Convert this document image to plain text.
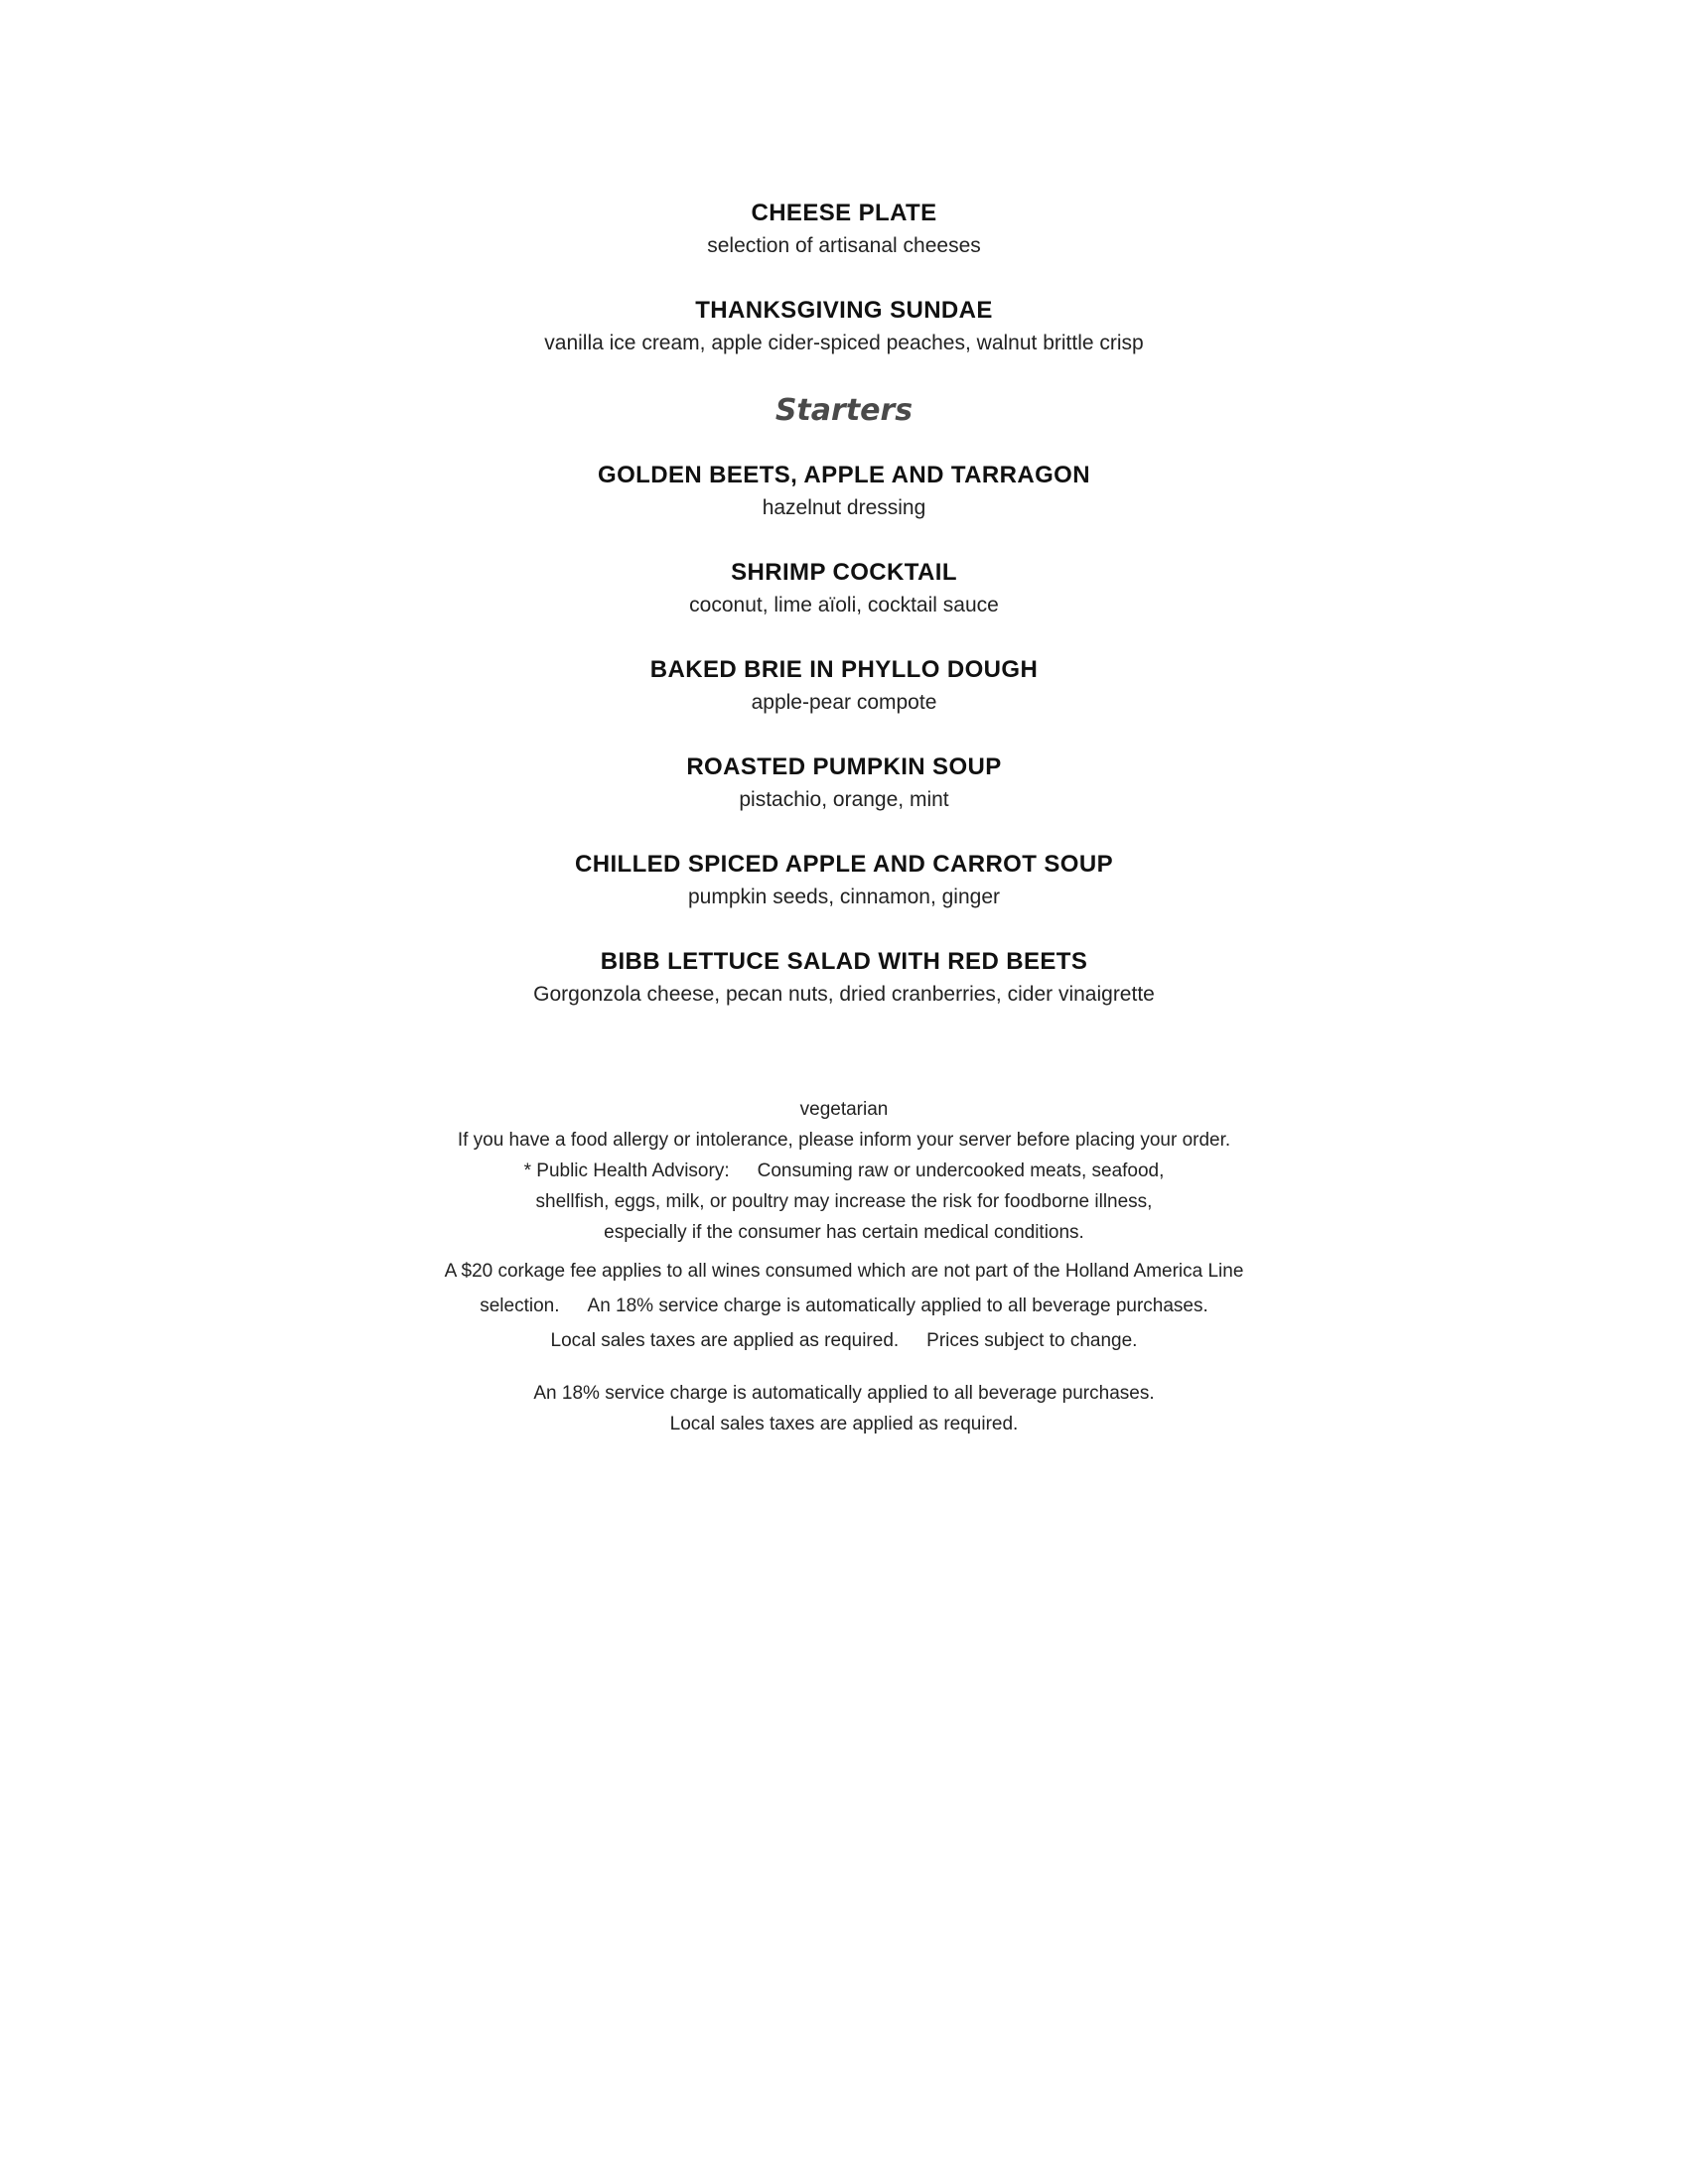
CHEESE PLATE

selection of artisanal cheeses

THANKSGIVING SUNDAE

vanilla ice cream, apple cider-spiced peaches, walnut brittle crisp

Starters

GOLDEN BEETS, APPLE AND TARRAGON

hazelnut dressing

SHRIMP COCKTAIL

coconut, lime aïoli, cocktail sauce

BAKED BRIE IN PHYLLO DOUGH

apple-pear compote

ROASTED PUMPKIN SOUP

pistachio, orange, mint

CHILLED SPICED APPLE AND CARROT SOUP

pumpkin seeds, cinnamon, ginger

BIBB LETTUCE SALAD WITH RED BEETS

Gorgonzola cheese, pecan nuts, dried cranberries, cider vinaigrette

vegetarian

If you have a food allergy or intolerance, please inform your server before placing your order.

* Public Health Advisory: Consuming raw or undercooked meats, seafood,

shellfish, eggs, milk, or poultry may increase the risk for foodborne illness,

especially if the consumer has certain medical conditions.

A $20 corkage fee applies to all wines consumed which are not part of the Holland America Line

selection. An 18% service charge is automatically applied to all beverage purchases.

Local sales taxes are applied as required. Prices subject to change.

An 18% service charge is automatically applied to all beverage purchases.

Local sales taxes are applied as required.
